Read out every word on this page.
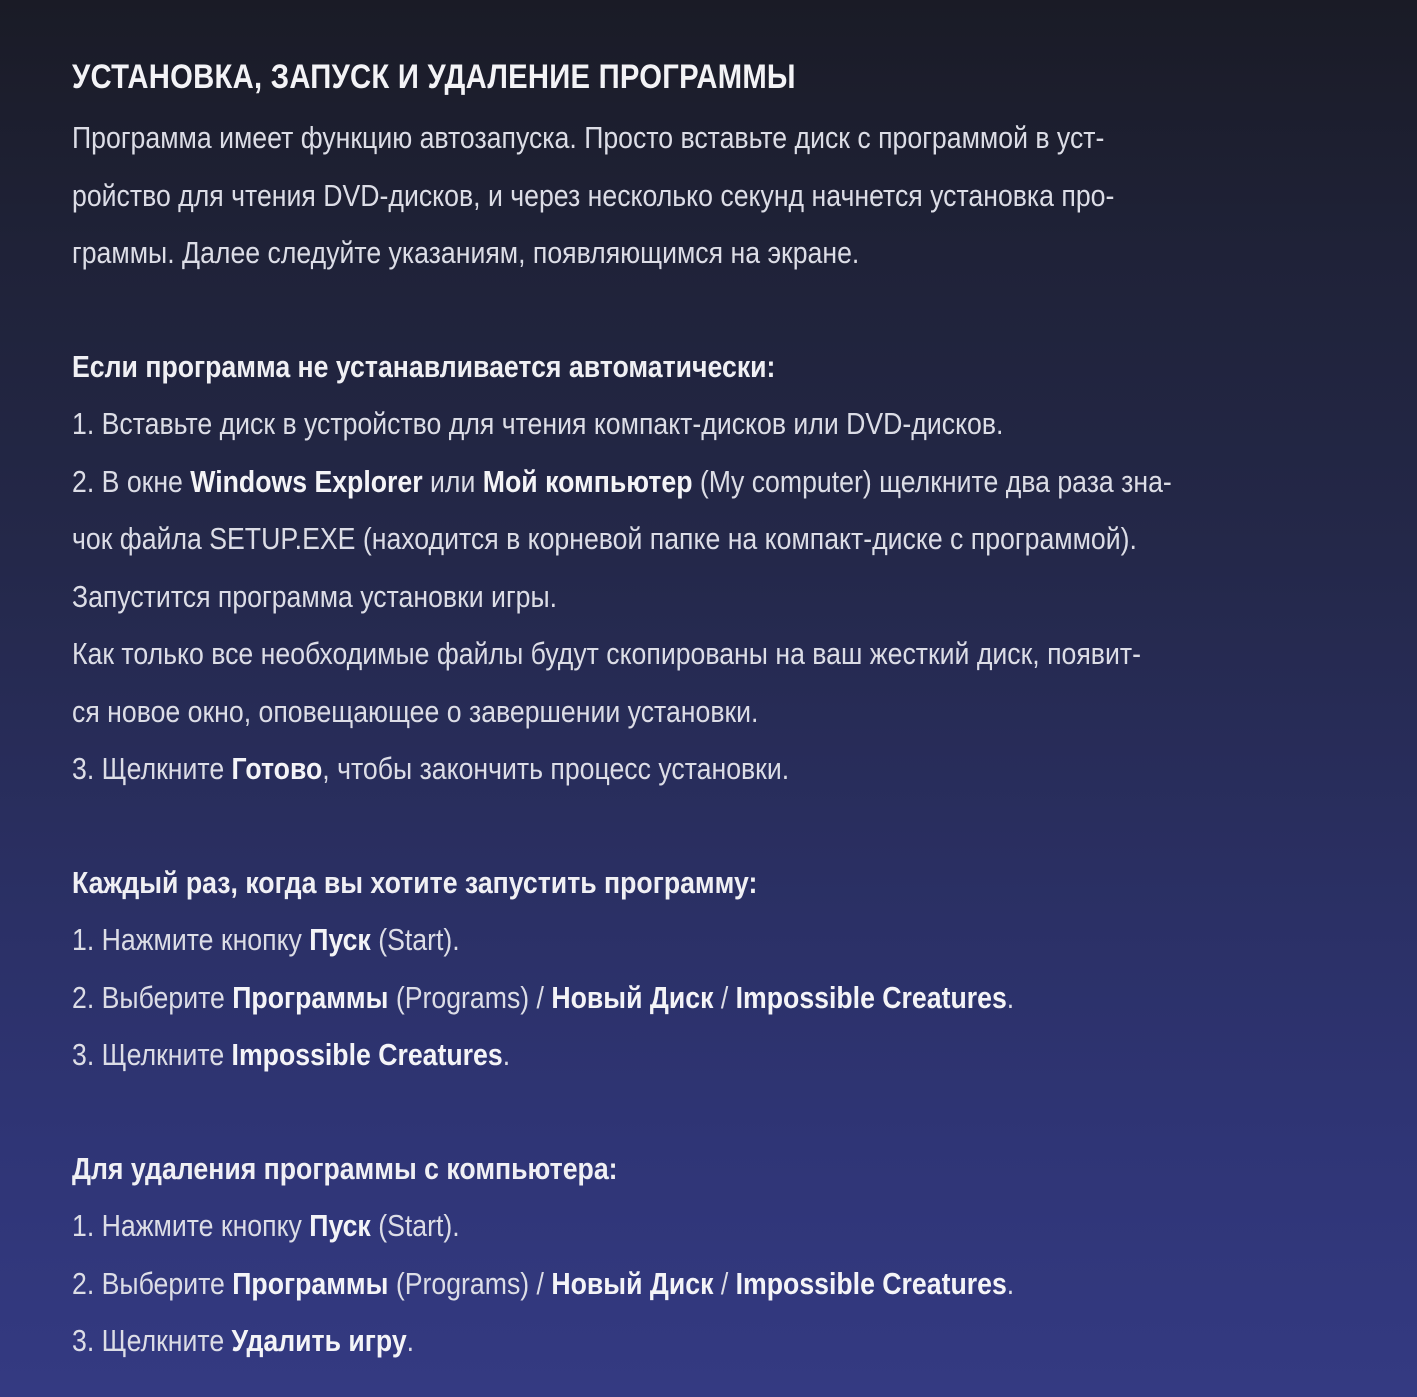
УСТАНОВКА, ЗАПУСК И УДАЛЕНИЕ ПРОГРАММЫ
Программа имеет функцию автозапуска. Просто вставьте диск с программой в уст-
ройство для чтения DVD-дисков, и через несколько секунд начнется установка про-
граммы. Далее следуйте указаниям, появляющимся на экране.
Если программа не устанавливается автоматически:
1. Вставьте диск в устройство для чтения компакт-дисков или DVD-дисков.
2. В окне Windows Explorer или Мой компьютер (My computer) щелкните два раза зна-
чок файла SETUP.EXE (находится в корневой папке на компакт-диске с программой).
Запустится программа установки игры.
Как только все необходимые файлы будут скопированы на ваш жесткий диск, появит-
ся новое окно, оповещающее о завершении установки.
3. Щелкните Готово, чтобы закончить процесс установки.
Каждый раз, когда вы хотите запустить программу:
1. Нажмите кнопку Пуск (Start).
2. Выберите Программы (Programs) / Новый Диск / Impossible Creatures.
3. Щелкните Impossible Creatures.
Для удаления программы с компьютера:
1. Нажмите кнопку Пуск (Start).
2. Выберите Программы (Programs) / Новый Диск / Impossible Creatures.
3. Щелкните Удалить игру.
